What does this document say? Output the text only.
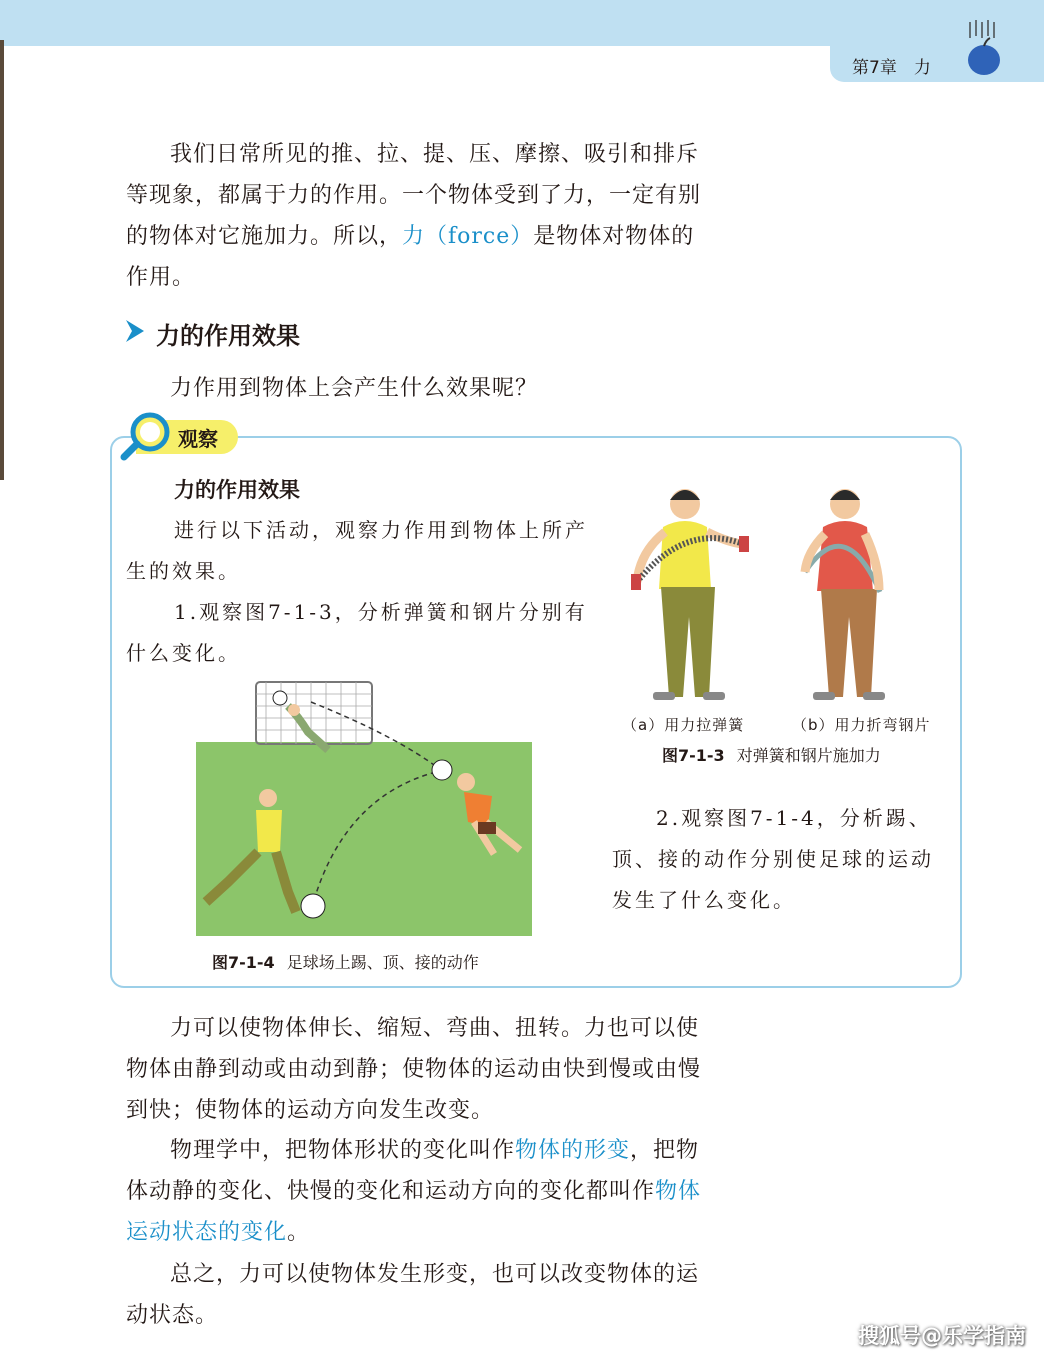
第7章　力
我们日常所见的推、拉、提、压、摩擦、吸引和排斥等现象，都属于力的作用。一个物体受到了力，一定有别的物体对它施加力。所以，力（force）是物体对物体的作用。
力的作用效果
力作用到物体上会产生什么效果呢？
观察
力的作用效果
进行以下活动，观察力作用到物体上所产生的效果。
1.观察图7-1-3，分析弹簧和钢片分别有什么变化。
（a）用力拉弹簧	（b）用力折弯钢片
图7-1-3 对弹簧和钢片施加力
图7-1-4 足球场上踢、顶、接的动作
2.观察图7-1-4，分析踢、顶、接的动作分别使足球的运动发生了什么变化。
力可以使物体伸长、缩短、弯曲、扭转。力也可以使物体由静到动或由动到静；使物体的运动由快到慢或由慢到快；使物体的运动方向发生改变。
物理学中，把物体形状的变化叫作物体的形变，把物体动静的变化、快慢的变化和运动方向的变化都叫作物体运动状态的变化。
总之，力可以使物体发生形变，也可以改变物体的运动状态。
搜狐号@乐学指南
